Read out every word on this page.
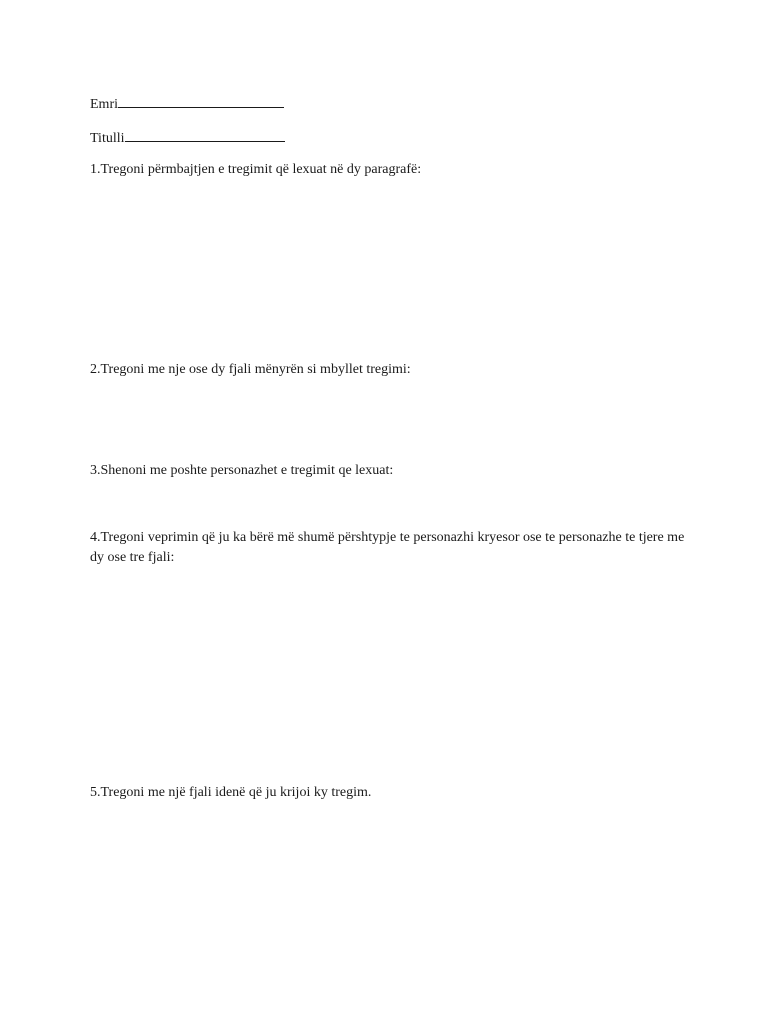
Emri
Titulli
1.Tregoni përmbajtjen e tregimit që lexuat në dy paragrafë:
2.Tregoni me nje ose dy fjali mënyrën si mbyllet tregimi:
3.Shenoni me poshte personazhet e tregimit qe lexuat:
4.Tregoni veprimin që ju ka bërë më shumë përshtypje te personazhi kryesor ose te personazhe te tjere me dy ose tre fjali:
5.Tregoni me një fjali idenë që ju krijoi ky tregim.
